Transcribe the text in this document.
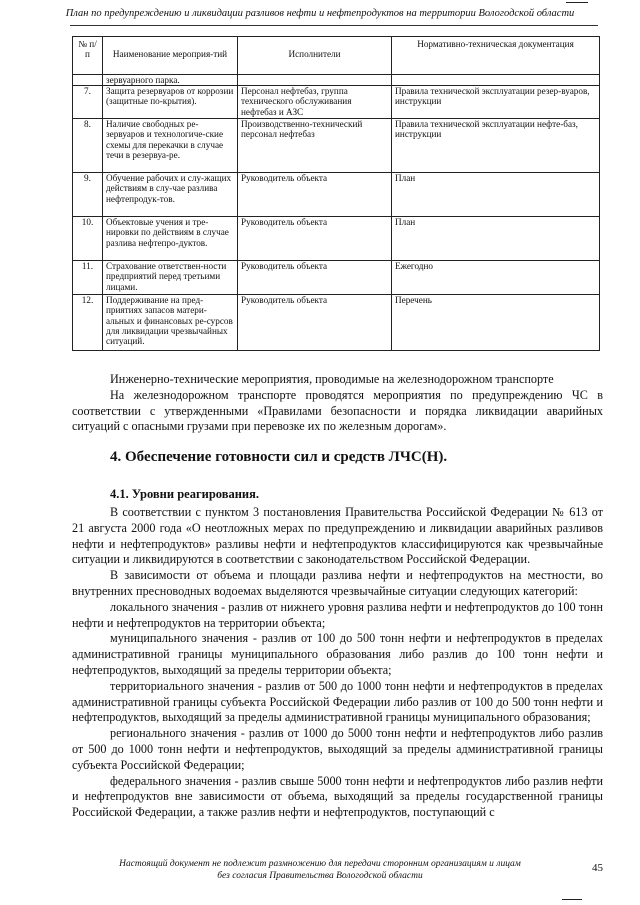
План по предупреждению и ликвидации разливов нефти и нефтепродуктов на территории Вологодской области
№ п/п	Наименование мероприя-тий	Исполнители	Нормативно-техническая документация
	зервуарного парка.		
7.	Защита резервуаров от коррозии (защитные по-крытия).	Персонал нефтебаз, группа технического обслуживания нефтебаз и АЗС	Правила технической эксплуатации резер-вуаров, инструкции
8.	Наличие свободных ре-зервуаров и технологиче-ские схемы для перекачки в случае течи в резервуа-ре.	Производственно-технический персонал нефтебаз	Правила технической эксплуатации нефте-баз, инструкции
9.	Обучение рабочих и слу-жащих действиям в слу-чае разлива нефтепродук-тов.	Руководитель объекта	План
10.	Объектовые учения и тре-нировки по действиям в случае разлива нефтепро-дуктов.	Руководитель объекта	План
11.	Страхование ответствен-ности предприятий перед третьими лицами.	Руководитель объекта	Ежегодно
12.	Поддерживание на пред-приятиях запасов матери-альных и финансовых ре-сурсов для ликвидации чрезвычайных ситуаций.	Руководитель объекта	Перечень

Инженерно-технические мероприятия, проводимые на железнодорожном транспорте

На железнодорожном транспорте проводятся мероприятия по предупреждению ЧС в соответствии с утвержденными «Правилами безопасности и порядка ликвидации аварийных ситуаций с опасными грузами при перевозке их по железным дорогам».

4. Обеспечение готовности сил и средств ЛЧС(Н).
4.1. Уровни реагирования.

В соответствии с пунктом 3 постановления Правительства Российской Федерации № 613 от 21 августа 2000 года «О неотложных мерах по предупреждению и ликвидации аварийных разливов нефти и нефтепродуктов» разливы нефти и нефтепродуктов классифицируются как чрезвычайные ситуации и ликвидируются в соответствии с законодательством Российской Федерации.

В зависимости от объема и площади разлива нефти и нефтепродуктов на местности, во внутренних пресноводных водоемах выделяются чрезвычайные ситуации следующих категорий:

локального значения - разлив от нижнего уровня разлива нефти и нефтепродуктов до 100 тонн нефти и нефтепродуктов на территории объекта;

муниципального значения - разлив от 100 до 500 тонн нефти и нефтепродуктов в пределах административной границы муниципального образования либо разлив до 100 тонн нефти и нефтепродуктов, выходящий за пределы территории объекта;

территориального значения - разлив от 500 до 1000 тонн нефти и нефтепродуктов в пределах административной границы субъекта Российской Федерации либо разлив от 100 до 500 тонн нефти и нефтепродуктов, выходящий за пределы административной границы муниципального образования;

регионального значения - разлив от 1000 до 5000 тонн нефти и нефтепродуктов либо разлив от 500 до 1000 тонн нефти и нефтепродуктов, выходящий за пределы административной границы субъекта Российской Федерации;

федерального значения - разлив свыше 5000 тонн нефти и нефтепродуктов либо разлив нефти и нефтепродуктов вне зависимости от объема, выходящий за пределы государственной границы Российской Федерации, а также разлив нефти и нефтепродуктов, поступающий с

Настоящий документ не подлежит размножению для передачи сторонним организациям и лицам
без согласия Правительства Вологодской области
45
